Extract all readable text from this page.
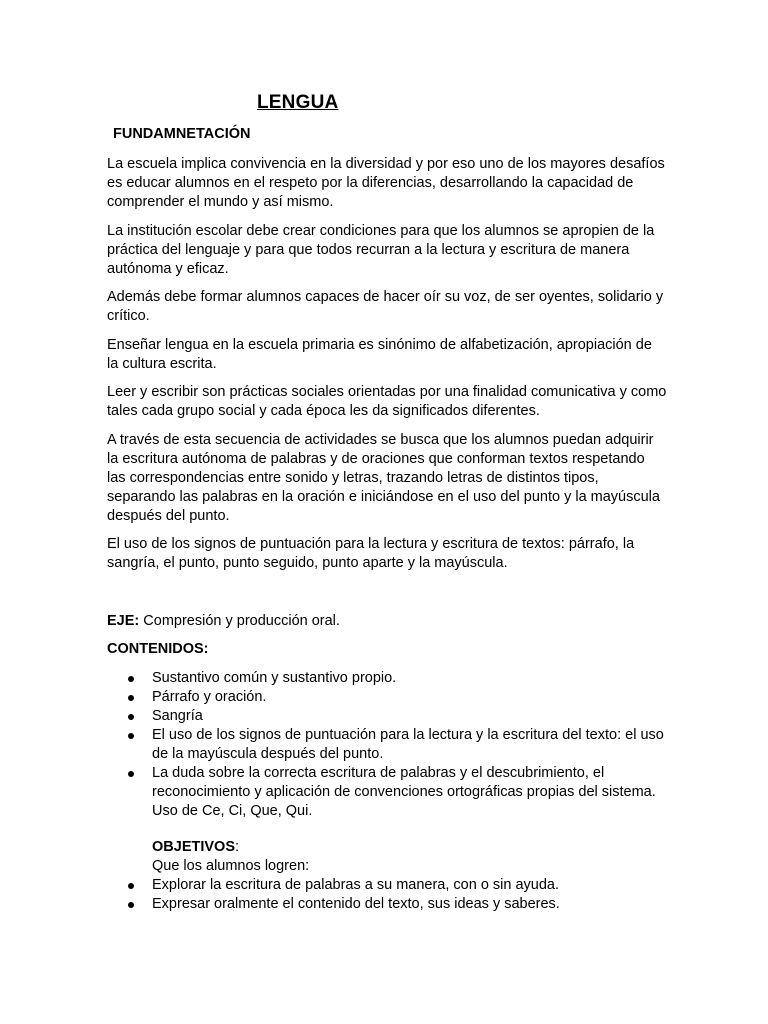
LENGUA
FUNDAMNETACIÓN

La escuela implica convivencia en la diversidad y por eso uno de los mayores desafíos es educar alumnos en el respeto por la diferencias, desarrollando la capacidad de comprender el mundo y así mismo.

La institución escolar debe crear condiciones para que los alumnos se apropien de la práctica del lenguaje y para que todos recurran a la lectura y escritura de manera autónoma y eficaz.

Además debe formar alumnos capaces de hacer oír su voz, de ser oyentes, solidario y crítico.

Enseñar lengua en la escuela primaria es sinónimo de alfabetización, apropiación de la cultura escrita.

Leer y escribir son prácticas sociales orientadas por una finalidad comunicativa y como tales cada grupo social y cada época les da significados diferentes.

A través de esta secuencia de actividades se busca que los alumnos puedan adquirir la escritura autónoma de palabras y de oraciones que conforman textos respetando las correspondencias entre sonido y letras, trazando letras de distintos tipos, separando las palabras en la oración e iniciándose en el uso del punto y la mayúscula después del punto.

El uso de los signos de puntuación para la lectura y escritura de textos: párrafo, la sangría, el punto, punto seguido, punto aparte y la mayúscula.

EJE: Compresión y producción oral.

CONTENIDOS:

Sustantivo común y sustantivo propio.
Párrafo y oración.
Sangría
El uso de los signos de puntuación para la lectura y la escritura del texto: el uso de la mayúscula después del punto.
La duda sobre la correcta escritura de palabras y el descubrimiento, el reconocimiento y aplicación de convenciones ortográficas propias del sistema. Uso de Ce, Ci, Que, Qui.
OBJETIVOS:
Que los alumnos logren:
Explorar la escritura de palabras a su manera, con o sin ayuda.
Expresar oralmente el contenido del texto, sus ideas y saberes.
